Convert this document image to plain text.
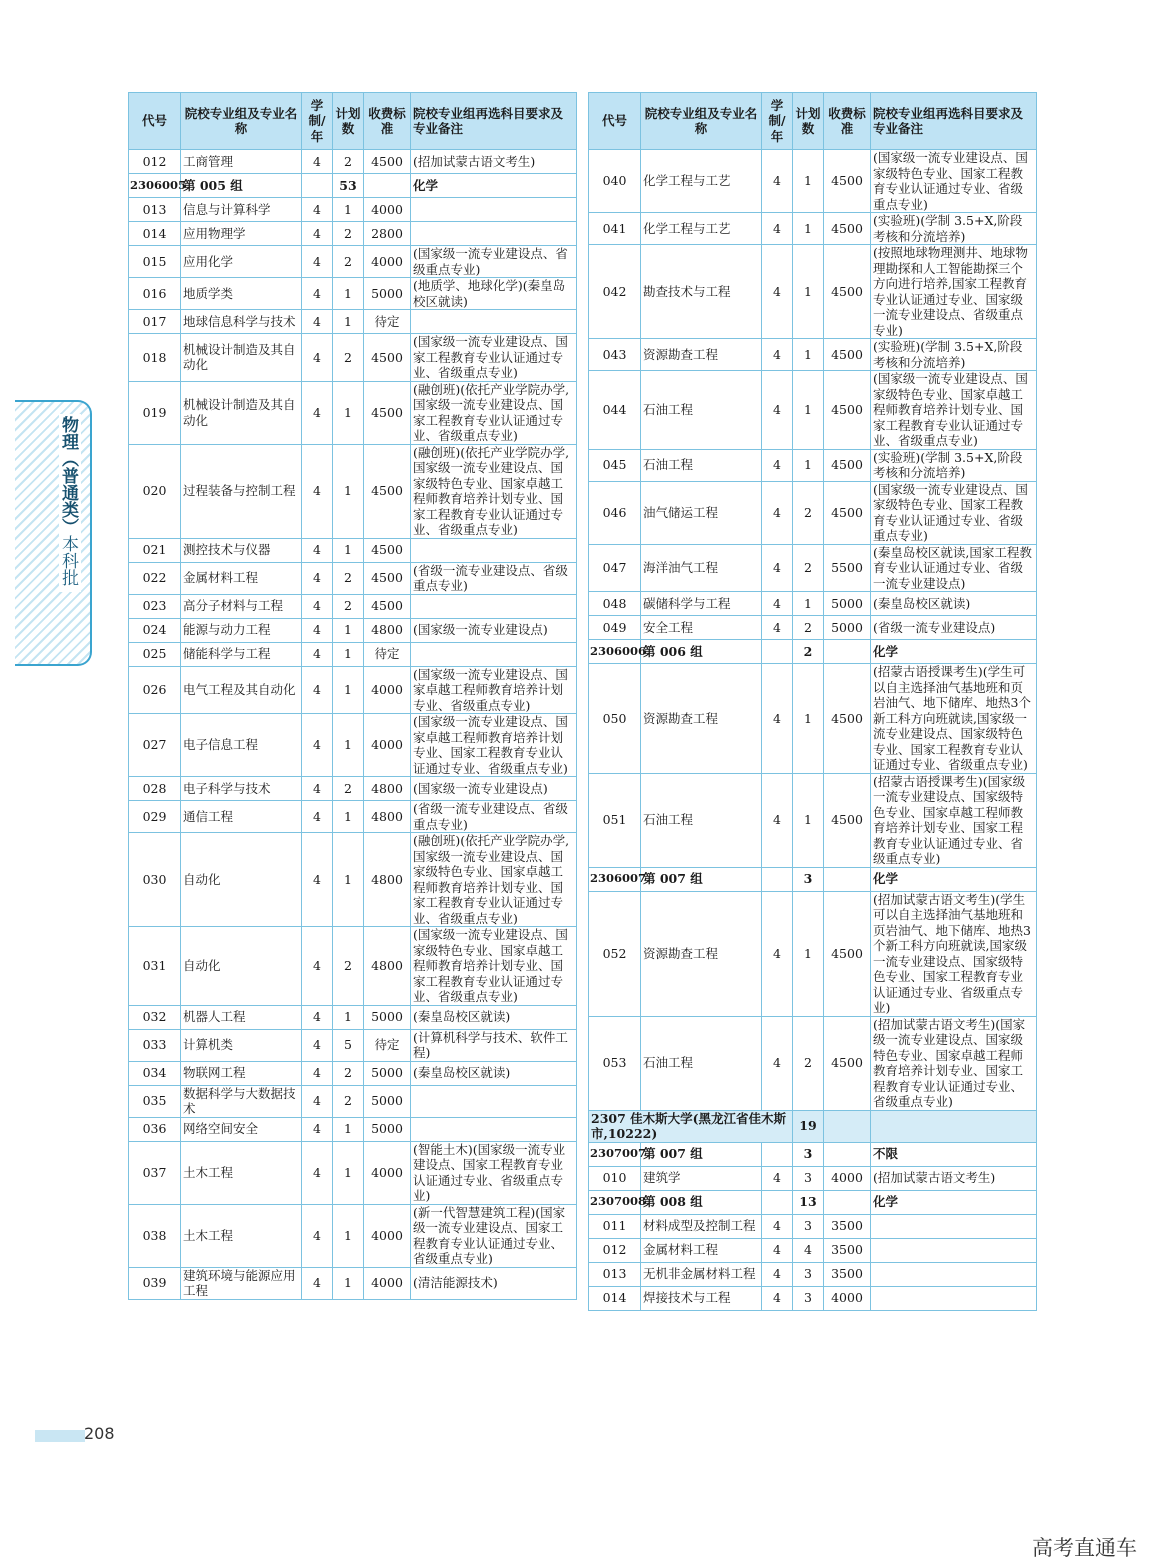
物理（普通类）本科批
代号	院校专业组及专业名称	学制/年	计划数	收费标准	院校专业组再选科目要求及专业备注
012	工商管理	4	2	4500	(招加试蒙古语文考生)
2306005	第 005 组		53		化学
013	信息与计算科学	4	1	4000	
014	应用物理学	4	2	2800	
015	应用化学	4	2	4000	(国家级一流专业建设点、省级重点专业)
016	地质学类	4	1	5000	(地质学、地球化学)(秦皇岛校区就读)
017	地球信息科学与技术	4	1	待定	
018	机械设计制造及其自动化	4	2	4500	(国家级一流专业建设点、国家工程教育专业认证通过专业、省级重点专业)
019	机械设计制造及其自动化	4	1	4500	(融创班)(依托产业学院办学,国家级一流专业建设点、国家工程教育专业认证通过专业、省级重点专业)
020	过程装备与控制工程	4	1	4500	(融创班)(依托产业学院办学,国家级一流专业建设点、国家级特色专业、国家卓越工程师教育培养计划专业、国家工程教育专业认证通过专业、省级重点专业)
021	测控技术与仪器	4	1	4500	
022	金属材料工程	4	2	4500	(省级一流专业建设点、省级重点专业)
023	高分子材料与工程	4	2	4500	
024	能源与动力工程	4	1	4800	(国家级一流专业建设点)
025	储能科学与工程	4	1	待定	
026	电气工程及其自动化	4	1	4000	(国家级一流专业建设点、国家卓越工程师教育培养计划专业、省级重点专业)
027	电子信息工程	4	1	4000	(国家级一流专业建设点、国家卓越工程师教育培养计划专业、国家工程教育专业认证通过专业、省级重点专业)
028	电子科学与技术	4	2	4800	(国家级一流专业建设点)
029	通信工程	4	1	4800	(省级一流专业建设点、省级重点专业)
030	自动化	4	1	4800	(融创班)(依托产业学院办学,国家级一流专业建设点、国家级特色专业、国家卓越工程师教育培养计划专业、国家工程教育专业认证通过专业、省级重点专业)
031	自动化	4	2	4800	(国家级一流专业建设点、国家级特色专业、国家卓越工程师教育培养计划专业、国家工程教育专业认证通过专业、省级重点专业)
032	机器人工程	4	1	5000	(秦皇岛校区就读)
033	计算机类	4	5	待定	(计算机科学与技术、软件工程)
034	物联网工程	4	2	5000	(秦皇岛校区就读)
035	数据科学与大数据技术	4	2	5000	
036	网络空间安全	4	1	5000	
037	土木工程	4	1	4000	(智能土木)(国家级一流专业建设点、国家工程教育专业认证通过专业、省级重点专业)
038	土木工程	4	1	4000	(新一代智慧建筑工程)(国家级一流专业建设点、国家工程教育专业认证通过专业、省级重点专业)
039	建筑环境与能源应用工程	4	1	4000	(清洁能源技术)
代号	院校专业组及专业名称	学制/年	计划数	收费标准	院校专业组再选科目要求及专业备注
040	化学工程与工艺	4	1	4500	(国家级一流专业建设点、国家级特色专业、国家工程教育专业认证通过专业、省级重点专业)
041	化学工程与工艺	4	1	4500	(实验班)(学制 3.5+X,阶段考核和分流培养)
042	勘查技术与工程	4	1	4500	(按照地球物理测井、地球物理勘探和人工智能勘探三个方向进行培养,国家工程教育专业认证通过专业、国家级一流专业建设点、省级重点专业)
043	资源勘查工程	4	1	4500	(实验班)(学制 3.5+X,阶段考核和分流培养)
044	石油工程	4	1	4500	(国家级一流专业建设点、国家级特色专业、国家卓越工程师教育培养计划专业、国家工程教育专业认证通过专业、省级重点专业)
045	石油工程	4	1	4500	(实验班)(学制 3.5+X,阶段考核和分流培养)
046	油气储运工程	4	2	4500	(国家级一流专业建设点、国家级特色专业、国家工程教育专业认证通过专业、省级重点专业)
047	海洋油气工程	4	2	5500	(秦皇岛校区就读,国家工程教育专业认证通过专业、省级一流专业建设点)
048	碳储科学与工程	4	1	5000	(秦皇岛校区就读)
049	安全工程	4	2	5000	(省级一流专业建设点)
2306006	第 006 组		2		化学
050	资源勘查工程	4	1	4500	(招蒙古语授课考生)(学生可以自主选择油气基地班和页岩油气、地下储库、地热3个新工科方向班就读,国家级一流专业建设点、国家级特色专业、国家工程教育专业认证通过专业、省级重点专业)
051	石油工程	4	1	4500	(招蒙古语授课考生)(国家级一流专业建设点、国家级特色专业、国家卓越工程师教育培养计划专业、国家工程教育专业认证通过专业、省级重点专业)
2306007	第 007 组		3		化学
052	资源勘查工程	4	1	4500	(招加试蒙古语文考生)(学生可以自主选择油气基地班和页岩油气、地下储库、地热3个新工科方向班就读,国家级一流专业建设点、国家级特色专业、国家工程教育专业认证通过专业、省级重点专业)
053	石油工程	4	2	4500	(招加试蒙古语文考生)(国家级一流专业建设点、国家级特色专业、国家卓越工程师教育培养计划专业、国家工程教育专业认证通过专业、省级重点专业)
2307 佳木斯大学(黑龙江省佳木斯市,10222)			19		
2307007	第 007 组		3		不限
010	建筑学	4	3	4000	(招加试蒙古语文考生)
2307008	第 008 组		13		化学
011	材料成型及控制工程	4	3	3500	
012	金属材料工程	4	4	3500	
013	无机非金属材料工程	4	3	3500	
014	焊接技术与工程	4	3	4000	
208
高考直通车
